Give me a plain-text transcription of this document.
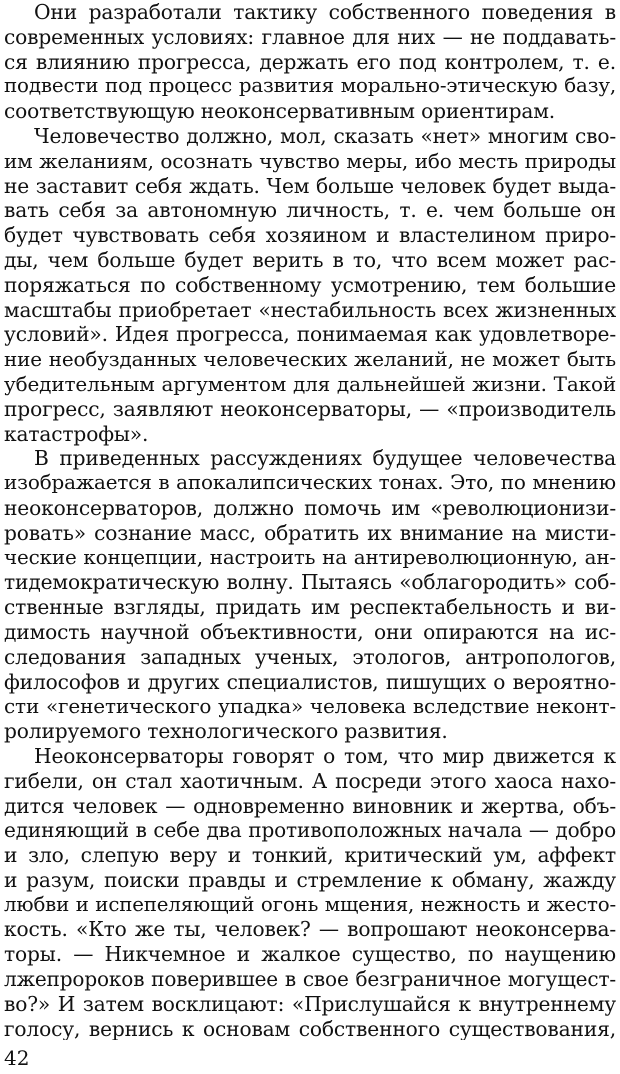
Они разработали тактику собственного поведения в
современных условиях: главное для них — не поддавать-
ся влиянию прогресса, держать его под контролем, т. е.
подвести под процесс развития морально-этическую базу,
соответствующую неоконсервативным ориентирам.
Человечество должно, мол, сказать «нет» многим сво-
им желаниям, осознать чувство меры, ибо месть природы
не заставит себя ждать. Чем больше человек будет выда-
вать себя за автономную личность, т. е. чем больше он
будет чувствовать себя хозяином и властелином приро-
ды, чем больше будет верить в то, что всем может рас-
поряжаться по собственному усмотрению, тем большие
масштабы приобретает «нестабильность всех жизненных
условий». Идея прогресса, понимаемая как удовлетворе-
ние необузданных человеческих желаний, не может быть
убедительным аргументом для дальнейшей жизни. Такой
прогресс, заявляют неоконсерваторы, — «производитель
катастрофы».
В приведенных рассуждениях будущее человечества
изображается в апокалипсических тонах. Это, по мнению
неоконсерваторов, должно помочь им «революционизи-
ровать» сознание масс, обратить их внимание на мисти-
ческие концепции, настроить на антиреволюционную, ан-
тидемократическую волну. Пытаясь «облагородить» соб-
ственные взгляды, придать им респектабельность и ви-
димость научной объективности, они опираются на ис-
следования западных ученых, этологов, антропологов,
философов и других специалистов, пишущих о вероятно-
сти «генетического упадка» человека вследствие неконт-
ролируемого технологического развития.
Неоконсерваторы говорят о том, что мир движется к
гибели, он стал хаотичным. А посреди этого хаоса нахо-
дится человек — одновременно виновник и жертва, объ-
единяющий в себе два противоположных начала — добро
и зло, слепую веру и тонкий, критический ум, аффект
и разум, поиски правды и стремление к обману, жажду
любви и испепеляющий огонь мщения, нежность и жесто-
кость. «Кто же ты, человек? — вопрошают неоконсерва-
торы. — Никчемное и жалкое существо, по наущению
лжепророков поверившее в свое безграничное могущест-
во?» И затем восклицают: «Прислушайся к внутреннему
голосу, вернись к основам собственного существования,
42
